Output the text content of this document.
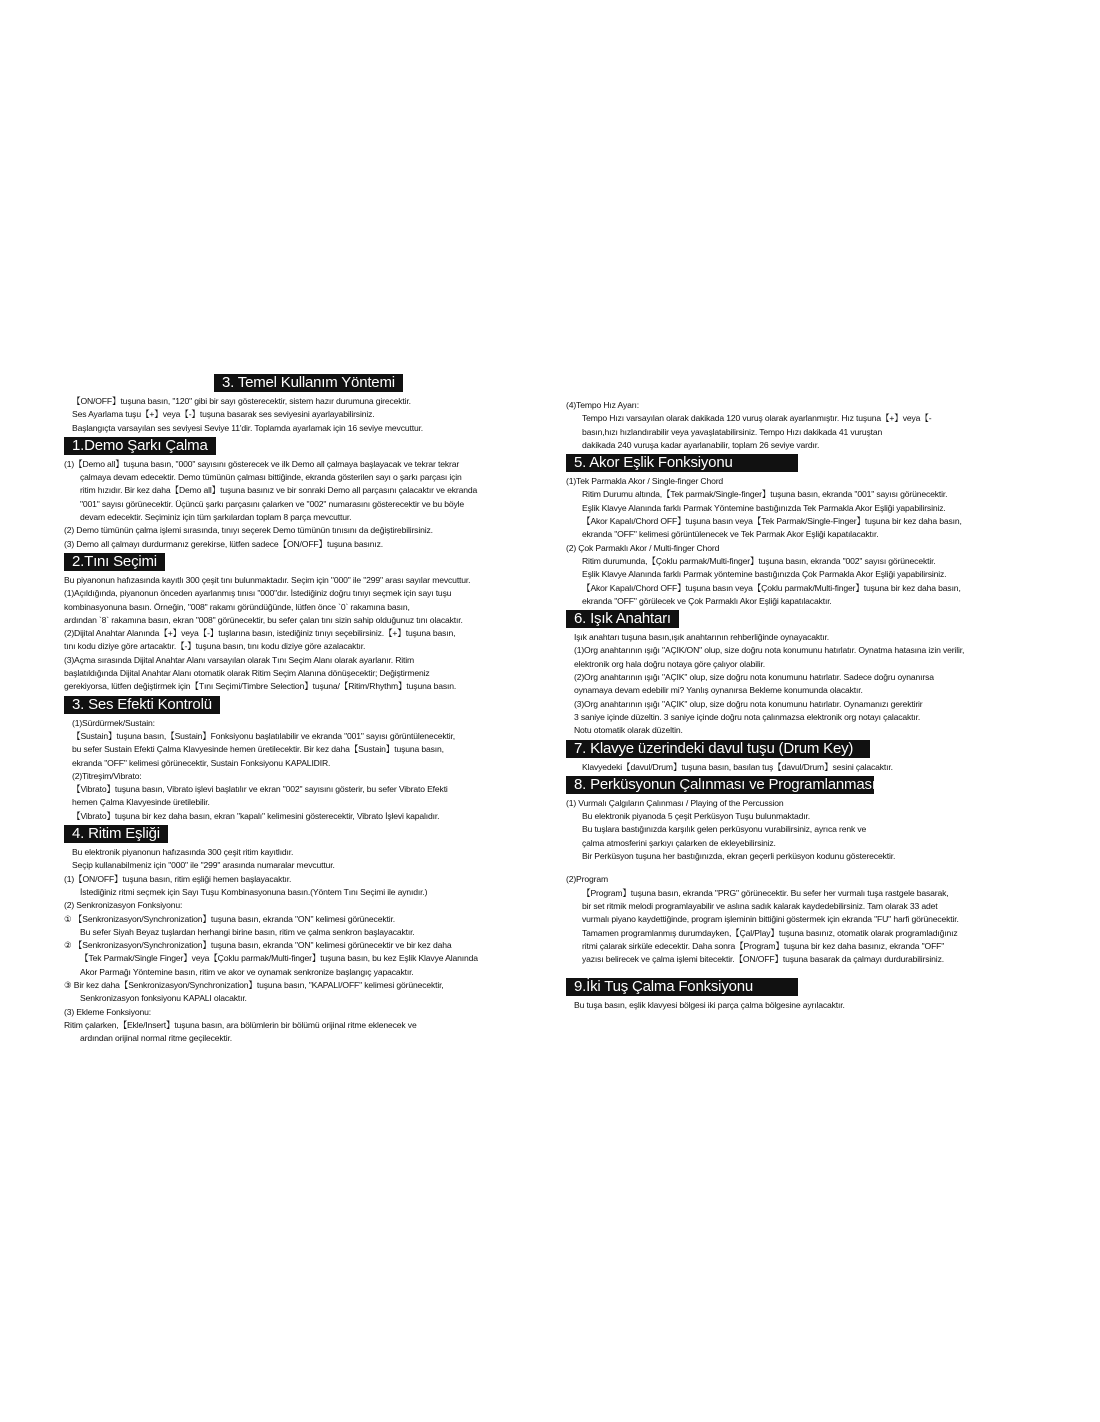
3. Temel Kullanım Yöntemi

【ON/OFF】tuşuna basın, "120" gibi bir sayı gösterecektir, sistem hazır durumuna girecektir.

Ses Ayarlama tuşu【+】veya【-】tuşuna basarak ses seviyesini ayarlayabilirsiniz.

Başlangıçta varsayılan ses seviyesi Seviye 11'dir. Toplamda ayarlamak için 16 seviye mevcuttur.

1.Demo Şarkı Çalma

(1)【Demo all】tuşuna basın, "000" sayısını gösterecek ve ilk Demo all çalmaya başlayacak ve tekrar tekrar

çalmaya devam edecektir. Demo tümünün çalması bittiğinde, ekranda gösterilen sayı o şarkı parçası için

ritim hızıdır. Bir kez daha【Demo all】tuşuna basınız ve bir sonraki Demo all parçasını çalacaktır ve ekranda

"001" sayısı görünecektir. Üçüncü şarkı parçasını çalarken ve "002" numarasını gösterecektir ve bu böyle

devam edecektir. Seçiminiz için tüm şarkılardan toplam 8 parça mevcuttur.

(2) Demo tümünün çalma işlemi sırasında, tınıyı seçerek Demo tümünün tınısını da değiştirebilirsiniz.

(3) Demo all çalmayı durdurmanız gerekirse, lütfen sadece【ON/OFF】tuşuna basınız.

2.Tını Seçimi

Bu piyanonun hafızasında kayıtlı 300 çeşit tını bulunmaktadır. Seçim için "000" ile "299" arası sayılar mevcuttur.

(1)Açıldığında, piyanonun önceden ayarlanmış tınısı "000"dır. İstediğiniz doğru tınıyı seçmek için sayı tuşu

kombinasyonuna basın. Örneğin, "008" rakamı göründüğünde, lütfen önce `0` rakamına basın,

ardından `8` rakamına basın, ekran "008" görünecektir, bu sefer çalan tını sizin sahip olduğunuz tını olacaktır.

(2)Dijital Anahtar Alanında【+】veya【-】tuşlarına basın, istediğiniz tınıyı seçebilirsiniz.【+】tuşuna basın,

tını kodu diziye göre artacaktır.【-】tuşuna basın, tını kodu diziye göre azalacaktır.

(3)Açma sırasında Dijital Anahtar Alanı varsayılan olarak Tını Seçim Alanı olarak ayarlanır. Ritim

başlatıldığında Dijital Anahtar Alanı otomatik olarak Ritim Seçim Alanına dönüşecektir; Değiştirmeniz

gerekiyorsa, lütfen değiştirmek için【Tını Seçimi/Timbre Selection】tuşuna/【Ritim/Rhythm】tuşuna basın.

3. Ses Efekti Kontrolü

(1)Sürdürmek/Sustain:

【Sustain】tuşuna basın,【Sustain】Fonksiyonu başlatılabilir ve ekranda "001" sayısı görüntülenecektir,

bu sefer Sustain Efekti Çalma Klavyesinde hemen üretilecektir. Bir kez daha【Sustain】tuşuna basın,

ekranda "OFF" kelimesi görünecektir, Sustain Fonksiyonu KAPALIDIR.

(2)Titreşim/Vibrato:

【Vibrato】tuşuna basın, Vibrato işlevi başlatılır ve ekran "002" sayısını gösterir, bu sefer Vibrato Efekti

hemen Çalma Klavyesinde üretilebilir.

【Vibrato】tuşuna bir kez daha basın, ekran "kapalı" kelimesini gösterecektir, Vibrato İşlevi kapalıdır.

4. Ritim Eşliği

Bu elektronik piyanonun hafızasında 300 çeşit ritim kayıtlıdır.

Seçip kullanabilmeniz için "000" ile "299" arasında numaralar mevcuttur.

(1)【ON/OFF】tuşuna basın, ritim eşliği hemen başlayacaktır.

İstediğiniz ritmi seçmek için Sayı Tuşu Kombinasyonuna basın.(Yöntem Tını Seçimi ile aynıdır.)

(2) Senkronizasyon Fonksiyonu:

① 【Senkronizasyon/Synchronization】tuşuna basın, ekranda "ON" kelimesi görünecektir.

Bu sefer Siyah Beyaz tuşlardan herhangi birine basın, ritim ve çalma senkron başlayacaktır.

② 【Senkronizasyon/Synchronization】tuşuna basın, ekranda "ON" kelimesi görünecektir ve bir kez daha

【Tek Parmak/Single Finger】veya【Çoklu parmak/Multi-finger】tuşuna basın, bu kez Eşlik Klavye Alanında

Akor Parmağı Yöntemine basın, ritim ve akor ve oynamak senkronize başlangıç yapacaktır.

③ Bir kez daha【Senkronizasyon/Synchronization】tuşuna basın, "KAPALI/OFF" kelimesi görünecektir,

Senkronizasyon fonksiyonu KAPALI olacaktır.

(3) Ekleme Fonksiyonu:

Ritim çalarken,【Ekle/Insert】tuşuna basın, ara bölümlerin bir bölümü orijinal ritme eklenecek ve

ardından orijinal normal ritme geçilecektir.

(4)Tempo Hız Ayarı:

Tempo Hızı varsayılan olarak dakikada 120 vuruş olarak ayarlanmıştır. Hız tuşuna【+】veya【-

basın,hızı hızlandırabilir veya yavaşlatabilirsiniz. Tempo Hızı dakikada 41 vuruştan

dakikada 240 vuruşa kadar ayarlanabilir, toplam 26 seviye vardır.

5. Akor Eşlik Fonksiyonu

(1)Tek Parmakla Akor / Single-finger Chord

Ritim Durumu altında,【Tek parmak/Single-finger】tuşuna basın, ekranda "001" sayısı görünecektir.

Eşlik Klavye Alanında farklı Parmak Yöntemine bastığınızda Tek Parmakla Akor Eşliği yapabilirsiniz.

【Akor Kapalı/Chord OFF】tuşuna basın veya【Tek Parmak/Single-Finger】tuşuna bir kez daha basın,

ekranda "OFF" kelimesi görüntülenecek ve Tek Parmak Akor Eşliği kapatılacaktır.

(2) Çok Parmaklı Akor / Multi-finger Chord

Ritim durumunda,【Çoklu parmak/Multi-finger】tuşuna basın, ekranda "002" sayısı görünecektir.

Eşlik Klavye Alanında farklı Parmak yöntemine bastığınızda Çok Parmakla Akor Eşliği yapabilirsiniz.

【Akor Kapalı/Chord OFF】tuşuna basın veya【Çoklu parmak/Multi-finger】tuşuna bir kez daha basın,

ekranda "OFF" görülecek ve Çok Parmaklı Akor Eşliği kapatılacaktır.

6. Işık Anahtarı

Işık anahtarı tuşuna basın,ışık anahtarının rehberliğinde oynayacaktır.

(1)Org anahtarının ışığı "AÇIK/ON" olup, size doğru nota konumunu hatırlatır. Oynatma hatasına izin verilir,

elektronik org hala doğru notaya göre çalıyor olabilir.

(2)Org anahtarının ışığı "AÇIK" olup, size doğru nota konumunu hatırlatır. Sadece doğru oynanırsa

oynamaya devam edebilir mi? Yanlış oynanırsa Bekleme konumunda olacaktır.

(3)Org anahtarının ışığı "AÇIK" olup, size doğru nota konumunu hatırlatır. Oynamanızı gerektirir

3 saniye içinde düzeltin. 3 saniye içinde doğru nota çalınmazsa elektronik org notayı çalacaktır.

Notu otomatik olarak düzeltin.

7. Klavye üzerindeki davul tuşu (Drum Key)

Klavyedeki【davul/Drum】tuşuna basın, basılan tuş【davul/Drum】sesini çalacaktır.

8. Perküsyonun Çalınması ve Programlanması

(1) Vurmalı Çalgıların Çalınması / Playing of the Percussion

Bu elektronik piyanoda 5 çeşit Perküsyon Tuşu bulunmaktadır.

Bu tuşlara bastığınızda karşılık gelen perküsyonu vurabilirsiniz, ayrıca renk ve

çalma atmosferini şarkıyı çalarken de ekleyebilirsiniz.

Bir Perküsyon tuşuna her bastığınızda, ekran geçerli perküsyon kodunu gösterecektir.

(2)Program

【Program】tuşuna basın, ekranda "PRG" görünecektir. Bu sefer her vurmalı tuşa rastgele basarak,

bir set ritmik melodi programlayabilir ve aslına sadık kalarak kaydedebilirsiniz. Tam olarak 33 adet

vurmalı piyano kaydettiğinde, program işleminin bittiğini göstermek için ekranda "FU" harfi görünecektir.

Tamamen programlanmış durumdayken,【Çal/Play】tuşuna basınız, otomatik olarak programladığınız

ritmi çalarak sirküle edecektir. Daha sonra【Program】tuşuna bir kez daha basınız, ekranda "OFF"

yazısı belirecek ve çalma işlemi bitecektir.【ON/OFF】tuşuna basarak da çalmayı durdurabilirsiniz.

9.İki Tuş Çalma Fonksiyonu

Bu tuşa basın, eşlik klavyesi bölgesi iki parça çalma bölgesine ayrılacaktır.
